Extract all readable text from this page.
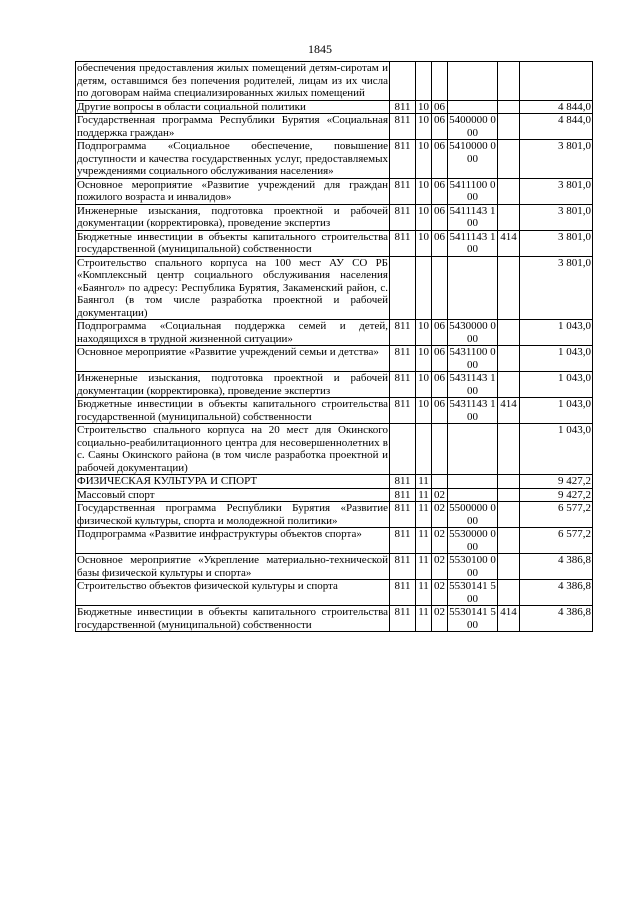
1845
обеспечения предоставления жилых помещений детям-сиротам и детям, оставшимся без попечения родителей, лицам из их числа по договорам найма специализированных жилых помещений						
Другие вопросы в области социальной политики	811	10	06			4 844,0
Государственная программа Республики Бурятия «Социальная поддержка граждан»	811	10	06	5400000 000		4 844,0
Подпрограмма «Социальное обеспечение, повышение доступности и качества государственных услуг, предоставляемых учреждениями социального обслуживания населения»	811	10	06	5410000 000		3 801,0
Основное мероприятие «Развитие учреждений для граждан пожилого возраста и инвалидов»	811	10	06	5411100 000		3 801,0
Инженерные изыскания, подготовка проектной и рабочей документации (корректировка), проведение экспертиз	811	10	06	5411143 100		3 801,0
Бюджетные инвестиции в объекты капитального строительства государственной (муниципальной) собственности	811	10	06	5411143 100	414	3 801,0
Строительство спального корпуса на 100 мест АУ СО РБ «Комплексный центр социального обслуживания населения «Баянгол» по адресу: Республика Бурятия, Закаменский район, с. Баянгол (в том числе разработка проектной и рабочей документации)						3 801,0
Подпрограмма «Социальная поддержка семей и детей, находящихся в трудной жизненной ситуации»	811	10	06	5430000 000		1 043,0
Основное мероприятие «Развитие учреждений семьи и детства»	811	10	06	5431100 000		1 043,0
Инженерные изыскания, подготовка проектной и рабочей документации (корректировка), проведение экспертиз	811	10	06	5431143 100		1 043,0
Бюджетные инвестиции в объекты капитального строительства государственной (муниципальной) собственности	811	10	06	5431143 100	414	1 043,0
Строительство спального корпуса на 20 мест для Окинского социально-реабилитационного центра для несовершеннолетних в с. Саяны Окинского района (в том числе разработка проектной и рабочей документации)						1 043,0
ФИЗИЧЕСКАЯ КУЛЬТУРА И СПОРТ	811	11				9 427,2
Массовый спорт	811	11	02			9 427,2
Государственная программа Республики Бурятия «Развитие физической культуры, спорта и молодежной политики»	811	11	02	5500000 000		6 577,2
Подпрограмма «Развитие инфраструктуры объектов спорта»	811	11	02	5530000 000		6 577,2
Основное мероприятие «Укрепление материально-технической базы физической культуры и спорта»	811	11	02	5530100 000		4 386,8
Строительство объектов физической культуры и спорта	811	11	02	5530141 500		4 386,8
Бюджетные инвестиции в объекты капитального строительства государственной (муниципальной) собственности	811	11	02	5530141 500	414	4 386,8
